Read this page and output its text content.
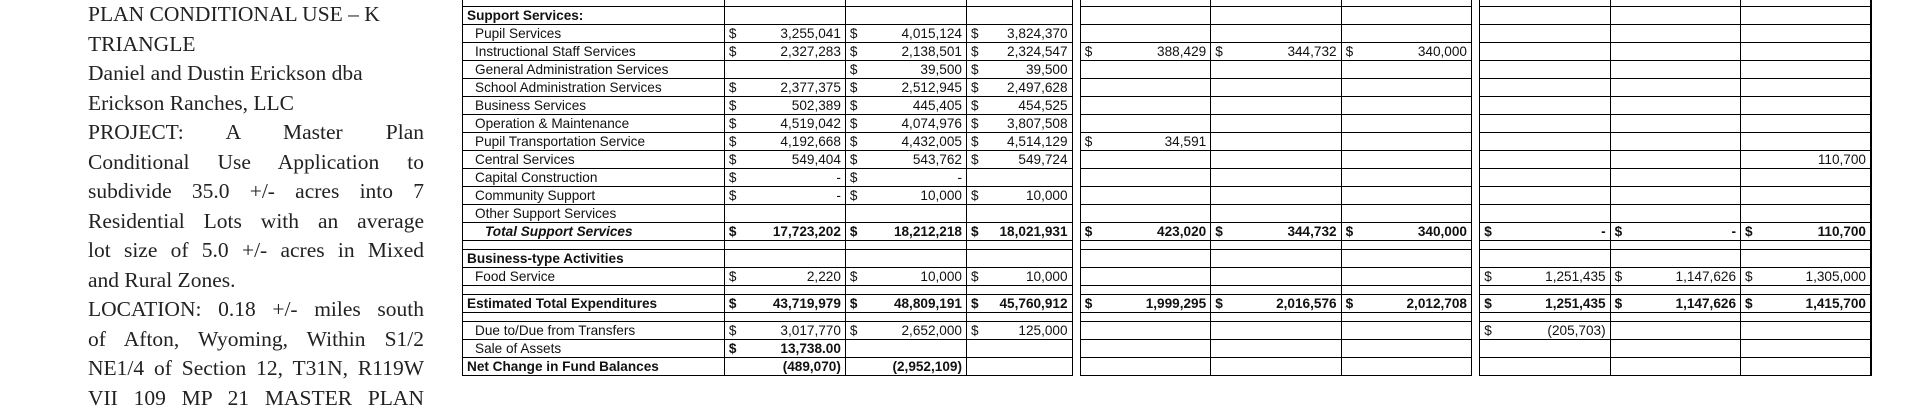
PLAN CONDITIONAL USE – K
TRIANGLE
Daniel and Dustin Erickson dba
Erickson Ranches, LLC
PROJECT: A Master Plan
Conditional Use Application to
subdivide 35.0 +/- acres into 7
Residential Lots with an average
lot size of 5.0 +/- acres in Mixed
and Rural Zones.
LOCATION: 0.18 +/- miles south
of Afton, Wyoming, Within S1/2
NE1/4 of Section 12, T31N, R119W
VII 109 MP 21 MASTER PLAN

Support Services:																				
Pupil Services	$	3,255,041	$	4,015,124	$	3,824,370														
Instructional Staff Services	$	2,327,283	$	2,138,501	$	2,324,547		$	388,429	$	344,732	$	340,000							
General Administration Services			$	39,500	$	39,500														
School Administration Services	$	2,377,375	$	2,512,945	$	2,497,628														
Business Services	$	502,389	$	445,405	$	454,525														
Operation & Maintenance	$	4,519,042	$	4,074,976	$	3,807,508														
Pupil Transportation Service	$	4,192,668	$	4,432,005	$	4,514,129		$	34,591											
Central Services	$	549,404	$	543,762	$	549,724														110,700
Capital Construction	$	-	$	-																
Community Support	$	-	$	10,000	$	10,000														
Other Support Services																				
Total Support Services	$	17,723,202	$	18,212,218	$	18,021,931		$	423,020	$	344,732	$	340,000		$	-	$	-	$	110,700

Business-type Activities																				
Food Service	$	2,220	$	10,000	$	10,000									$	1,251,435	$	1,147,626	$	1,305,000

Estimated Total Expenditures	$	43,719,979	$	48,809,191	$	45,760,912		$	1,999,295	$	2,016,576	$	2,012,708		$	1,251,435	$	1,147,626	$	1,415,700

Due to/Due from Transfers	$	3,017,770	$	2,652,000	$	125,000									$	(205,703)				
Sale of Assets	$	13,738.00																		
Net Change in Fund Balances		(489,070)		(2,952,109)																
